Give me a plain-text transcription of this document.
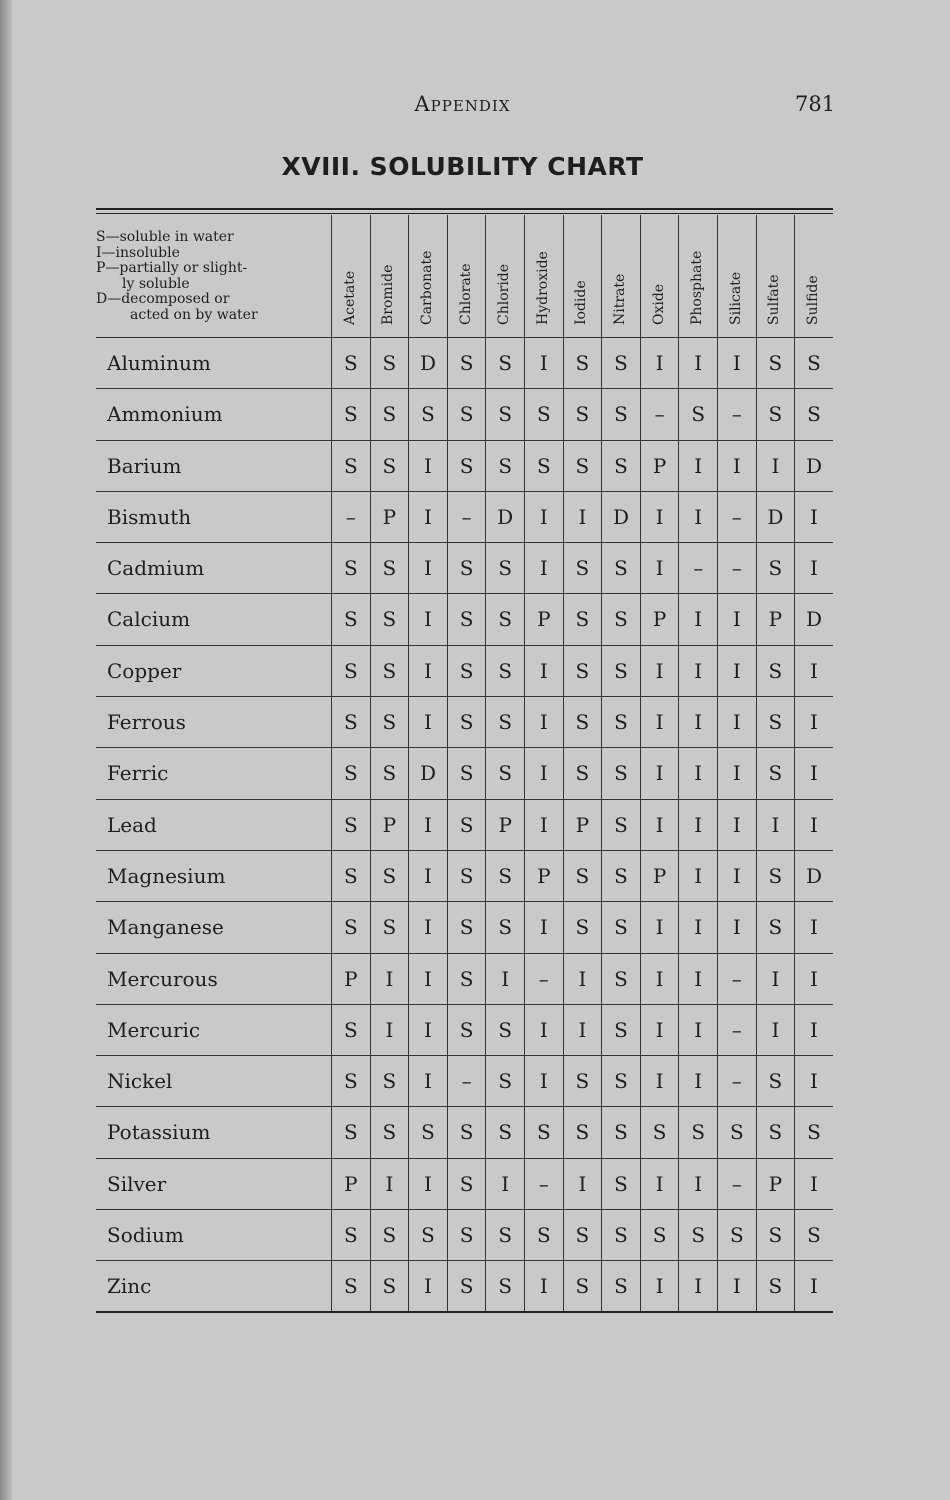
Appendix	781
XVIII. SOLUBILITY CHART
S—soluble in water
I—insoluble
P—partially or slight-
ly soluble
D—decomposed or
acted on by water	Acetate Bromide Carbonate Chlorate Chloride Hydroxide Iodide Nitrate Oxide Phosphate Silicate Sulfate Sulfide
Aluminum	S	S	D	S	S	I	S	S	I	I	I	S	S
Ammonium	S	S	S	S	S	S	S	S	–	S	–	S	S
Barium	S	S	I	S	S	S	S	S	P	I	I	I	D
Bismuth	–	P	I	–	D	I	I	D	I	I	–	D	I
Cadmium	S	S	I	S	S	I	S	S	I	–	–	S	I
Calcium	S	S	I	S	S	P	S	S	P	I	I	P	D
Copper	S	S	I	S	S	I	S	S	I	I	I	S	I
Ferrous	S	S	I	S	S	I	S	S	I	I	I	S	I
Ferric	S	S	D	S	S	I	S	S	I	I	I	S	I
Lead	S	P	I	S	P	I	P	S	I	I	I	I	I
Magnesium	S	S	I	S	S	P	S	S	P	I	I	S	D
Manganese	S	S	I	S	S	I	S	S	I	I	I	S	I
Mercurous	P	I	I	S	I	–	I	S	I	I	–	I	I
Mercuric	S	I	I	S	S	I	I	S	I	I	–	I	I
Nickel	S	S	I	–	S	I	S	S	I	I	–	S	I
Potassium	S	S	S	S	S	S	S	S	S	S	S	S	S
Silver	P	I	I	S	I	–	I	S	I	I	–	P	I
Sodium	S	S	S	S	S	S	S	S	S	S	S	S	S
Zinc	S	S	I	S	S	I	S	S	I	I	I	S	I
